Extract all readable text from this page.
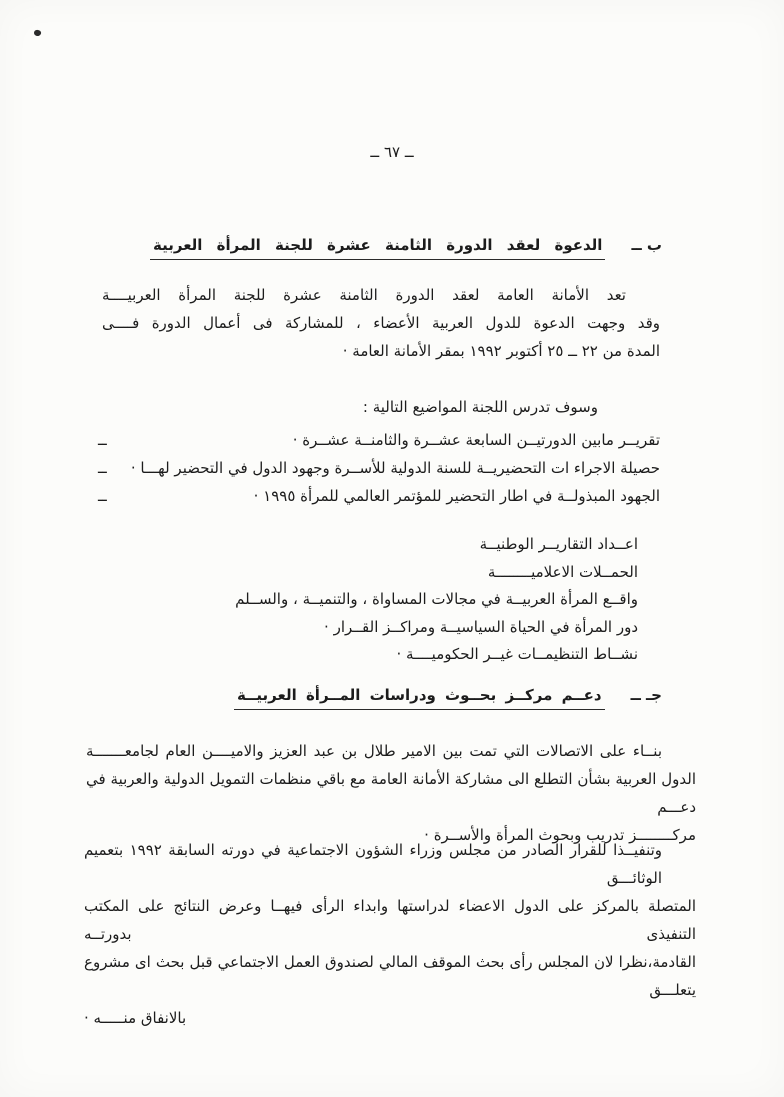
ــ ٦٧ ــ
ب ــ
الدعوة لعقد الدورة الثامنة عشرة للجنة المرأة العربية
تعد الأمانة العامة لعقد الدورة الثامنة عشرة للجنة المرأة العربيــــة
وقد وجهت الدعوة للدول العربية الأعضاء ، للمشاركة فى أعمال الدورة فــــى
المدة من ٢٢ ــ ٢٥ أكتوبر ١٩٩٢ بمقر الأمانة العامة ·
وسوف تدرس اللجنة المواضيع التالية :
تقريــر مابين الدورتيــن السابعة عشــرة والثامنــة عشــرة ·
ــ
حصيلة الاجراء ات التحضيريــة للسنة الدولية للأســرة وجهود الدول في التحضير لهـــا ·
ــ
الجهود المبذولــة في اطار التحضير للمؤتمر العالمي للمرأة ١٩٩٥ ·
ــ
اعــداد التقاريــر الوطنيــة
الحمــلات الاعلاميــــــــة
واقــع المرأة العربيــة في مجالات المساواة ، والتنميــة ، والســلم
دور المرأة في الحياة السياسيــة ومراكــز القــرار ·
نشــاط التنظيمــات غيــر الحكوميــــة ·
جـ ــ
دعــم مركــز بحــوث ودراسات المــرأة العربيــة
بنــاء على الاتصالات التي تمت بين الامير طلال بن عبد العزيز والاميــــن العام لجامعـــــــة
الدول العربية بشأن التطلع الى مشاركة الأمانة العامة مع باقي منظمات التمويل الدولية والعربية في دعـــم
مركــــــــز تدريب وبحوث المرأة والأســرة ·
وتنفيــذا للقرار الصادر من مجلس وزراء الشؤون الاجتماعية في دورته السابقة ١٩٩٢ بتعميم الوثائـــق
المتصلة بالمركز على الدول الاعضاء لدراستها وابداء الرأى فيهــا وعرض النتائج على المكتب التنفيذى بدورتــه
القادمة،نظرا لان المجلس رأى بحث الموقف المالي لصندوق العمل الاجتماعي قبل بحث اى مشروع يتعلـــق
بالانفاق منـــــه ·
